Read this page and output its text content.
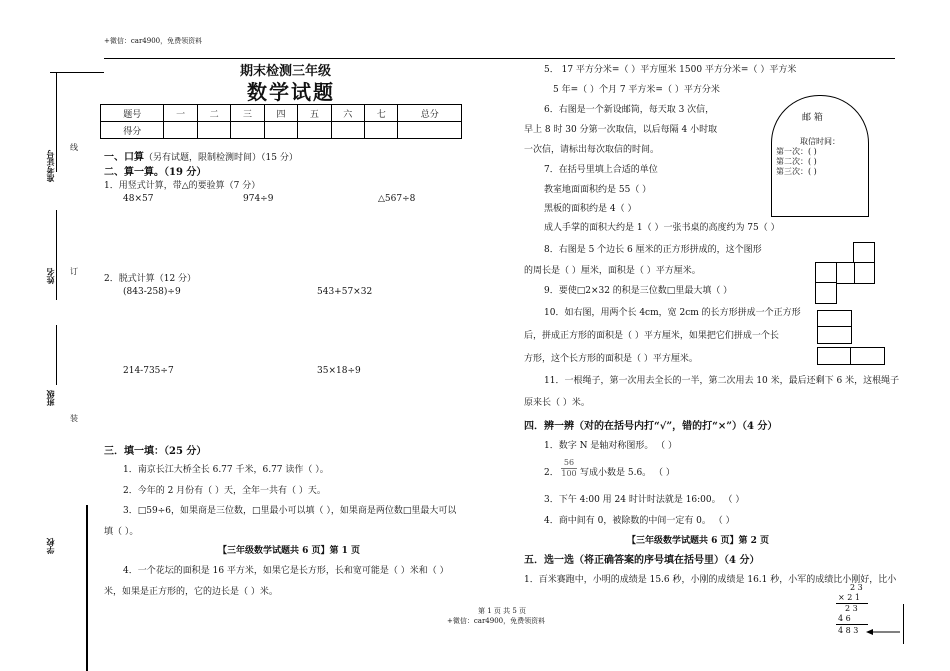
+微信：car4900，免费领资料
准考证号
姓名
班级
学校
线
订
装
期末检测三年级
数学试题
题号	一	二	三	四	五	六	七	总分
得分								
一、口算（另有试题，限制检测时间）（15 分）
二、算一算。（19 分）
1．用竖式计算，带△的要验算（7 分）
48×57	974÷9	△567÷8
2．脱式计算（12 分）
(843-258)÷9	543+57×32
214-735÷7	35×18÷9
三．填一填：（25 分）
1．南京长江大桥全长 6.77 千米，6.77 读作（ ）。
2．今年的 2 月份有（ ）天，全年一共有（ ）天。
3．□59÷6，如果商是三位数，□里最小可以填（ ），如果商是两位数□里最大可以
填（ ）。
【三年级数学试题共 6 页】第 1 页
4．一个花坛的面积是 16 平方米，如果它是长方形，长和宽可能是（ ）米和（ ）
米，如果是正方形的，它的边长是（ ）米。
5． 17 平方分米=（ ）平方厘米 1500 平方分米=（ ）平方米
5 年=（ ）个月 7 平方米=（ ）平方分米
6．右图是一个新设邮筒，每天取 3 次信，
早上 8 时 30 分第一次取信，以后每隔 4 小时取
一次信，请标出每次取信的时间。
邮 箱
取信时间：
第一次：( )
第二次：( )
第三次：( )
7．在括号里填上合适的单位
教室地面面积约是 55（ ）
黑板的面积约是 4（ ）
成人手掌的面积大约是 1（ ）一张书桌的高度约为 75（ ）
8．右图是 5 个边长 6 厘米的正方形拼成的，这个图形
的周长是（ ）厘米，面积是（ ）平方厘米。
9．要使□2×32 的积是三位数□里最大填（ ）
10．如右图，用两个长 4cm，宽 2cm 的长方形拼成一个正方形
后，拼成正方形的面积是（ ）平方厘米，如果把它们拼成一个长
方形，这个长方形的面积是（ ）平方厘米。
11．一根绳子，第一次用去全长的一半，第二次用去 10 米，最后还剩下 6 米，这根绳子
原来长（ ）米。
四．辨一辨（对的在括号内打“√”，错的打“×”）（4 分）
1．数字 N 是轴对称图形。 （ ）
2． $\frac{56}{100}$ 写成小数是 5.6。 （ ）
3．下午 4:00 用 24 时计时法就是 16:00。 （ ）
4．商中间有 0，被除数的中间一定有 0。 （ ）
【三年级数学试题共 6 页】第 2 页
五．选一选（将正确答案的序号填在括号里）（4 分）
1．百米赛跑中，小明的成绩是 15.6 秒，小刚的成绩是 16.1 秒，小军的成绩比小刚好，比小
2 3
× 2 1
2 3
4 6
4 8 3
第 1 页 共 5 页
+微信：car4900，免费领资料
